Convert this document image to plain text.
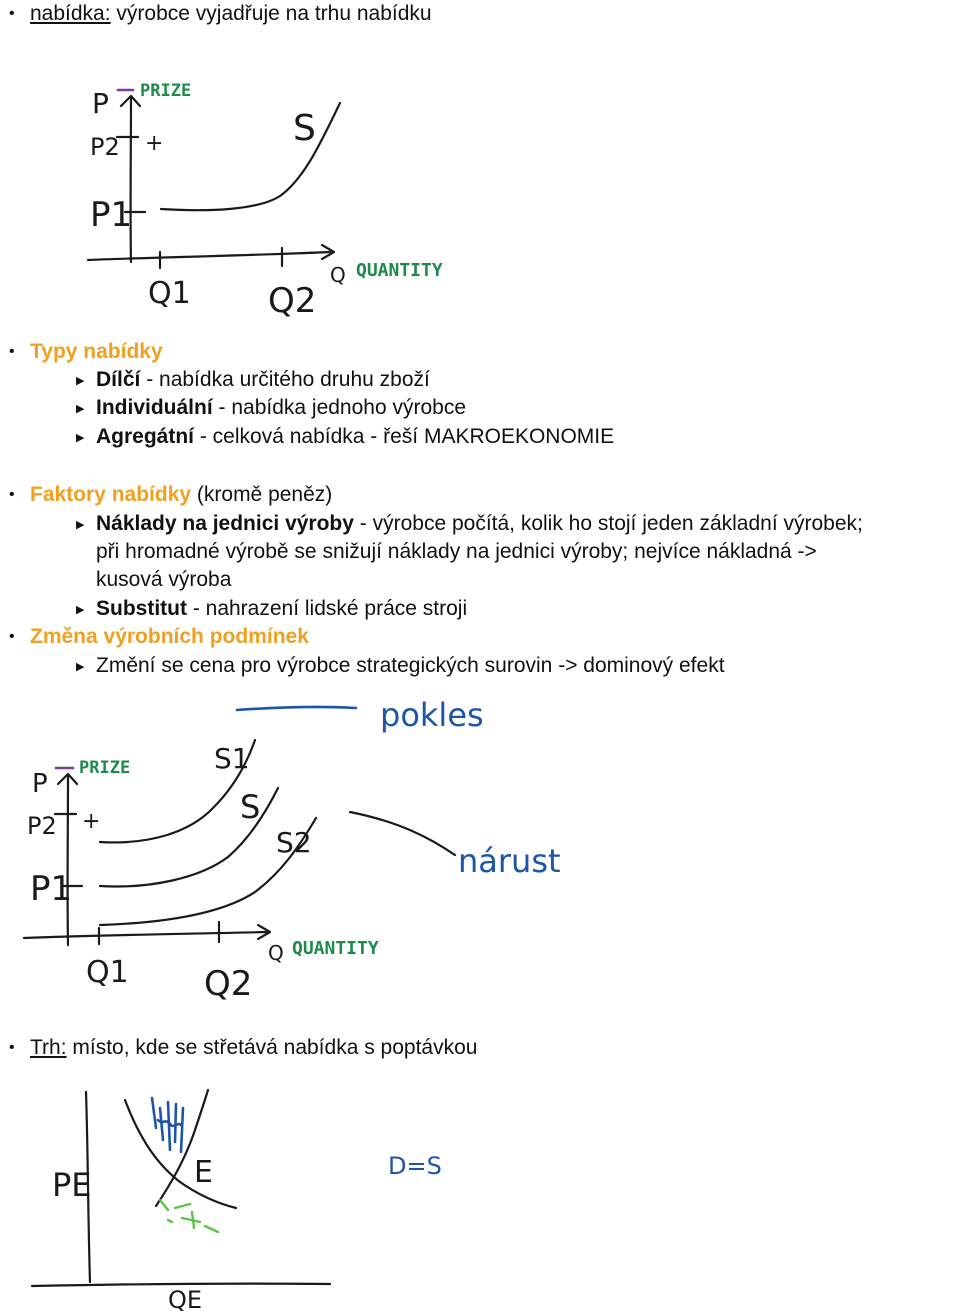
• nabídka: výrobce vyjadřuje na trhu nabídku
P
P2 +
P1
PRIZE
S
Q QUANTITY
Q1 Q2
• Typy nabídky
▶ Dílčí - nabídka určitého druhu zboží
▶ Individuální - nabídka jednoho výrobce
▶ Agregátní - celková nabídka - řeší MAKROEKONOMIE
• Faktory nabídky (kromě peněz)
▶ Náklady na jednici výroby - výrobce počítá, kolik ho stojí jeden základní výrobek;
při hromadné výrobě se snižují náklady na jednici výroby; nejvíce nákladná ->
kusová výroba
▶ Substitut - nahrazení lidské práce stroji
• Změna výrobních podmínek
▶ Změní se cena pro výrobce strategických surovin -> dominový efekt
P
P2 +
P1
PRIZE	S1
S
S2
Q QUANTITY
Q1 Q2
pokles
nárust
• Trh: místo, kde se střetává nabídka s poptávkou
PE	E
QE
D=S
